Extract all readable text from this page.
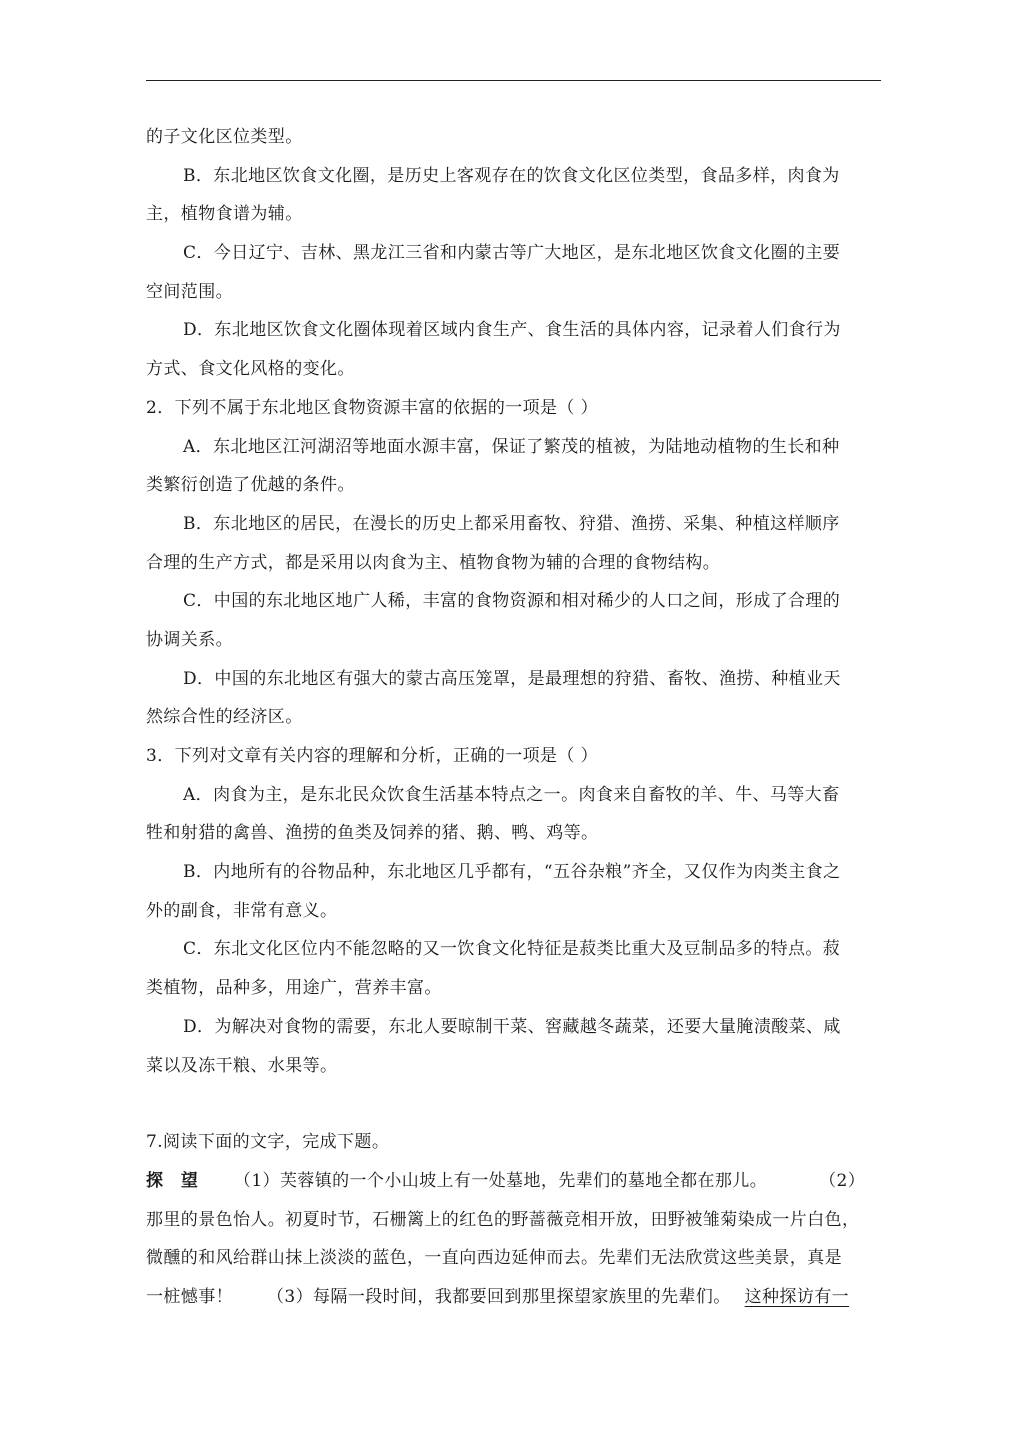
的子文化区位类型。
B．东北地区饮食文化圈，是历史上客观存在的饮食文化区位类型，食品多样，肉食为
主，植物食谱为辅。
C．今日辽宁、吉林、黑龙江三省和内蒙古等广大地区，是东北地区饮食文化圈的主要
空间范围。
D．东北地区饮食文化圈体现着区域内食生产、食生活的具体内容，记录着人们食行为
方式、食文化风格的变化。
2．下列不属于东北地区食物资源丰富的依据的一项是（ ）
A．东北地区江河湖沼等地面水源丰富，保证了繁茂的植被，为陆地动植物的生长和种
类繁衍创造了优越的条件。
B．东北地区的居民，在漫长的历史上都采用畜牧、狩猎、渔捞、采集、种植这样顺序
合理的生产方式，都是采用以肉食为主、植物食物为辅的合理的食物结构。
C．中国的东北地区地广人稀，丰富的食物资源和相对稀少的人口之间，形成了合理的
协调关系。
D．中国的东北地区有强大的蒙古高压笼罩，是最理想的狩猎、畜牧、渔捞、种植业天
然综合性的经济区。
3．下列对文章有关内容的理解和分析，正确的一项是（ ）
A．肉食为主，是东北民众饮食生活基本特点之一。肉食来自畜牧的羊、牛、马等大畜
牲和射猎的禽兽、渔捞的鱼类及饲养的猪、鹅、鸭、鸡等。
B．内地所有的谷物品种，东北地区几乎都有，“五谷杂粮”齐全，又仅作为肉类主食之
外的副食，非常有意义。
C．东北文化区位内不能忽略的又一饮食文化特征是菽类比重大及豆制品多的特点。菽
类植物，品种多，用途广，营养丰富。
D．为解决对食物的需要，东北人要晾制干菜、窖藏越冬蔬菜，还要大量腌渍酸菜、咸
菜以及冻干粮、水果等。
7.阅读下面的文字，完成下题。
探 望 （1）芙蓉镇的一个小山坡上有一处墓地，先辈们的墓地全都在那儿。	（2）
那里的景色怡人。初夏时节，石栅篱上的红色的野蔷薇竞相开放，田野被雏菊染成一片白色，
微醺的和风给群山抹上淡淡的蓝色，一直向西边延伸而去。先辈们无法欣赏这些美景，真是
一桩憾事！ （3）每隔一段时间，我都要回到那里探望家族里的先辈们。 这种探访有一
